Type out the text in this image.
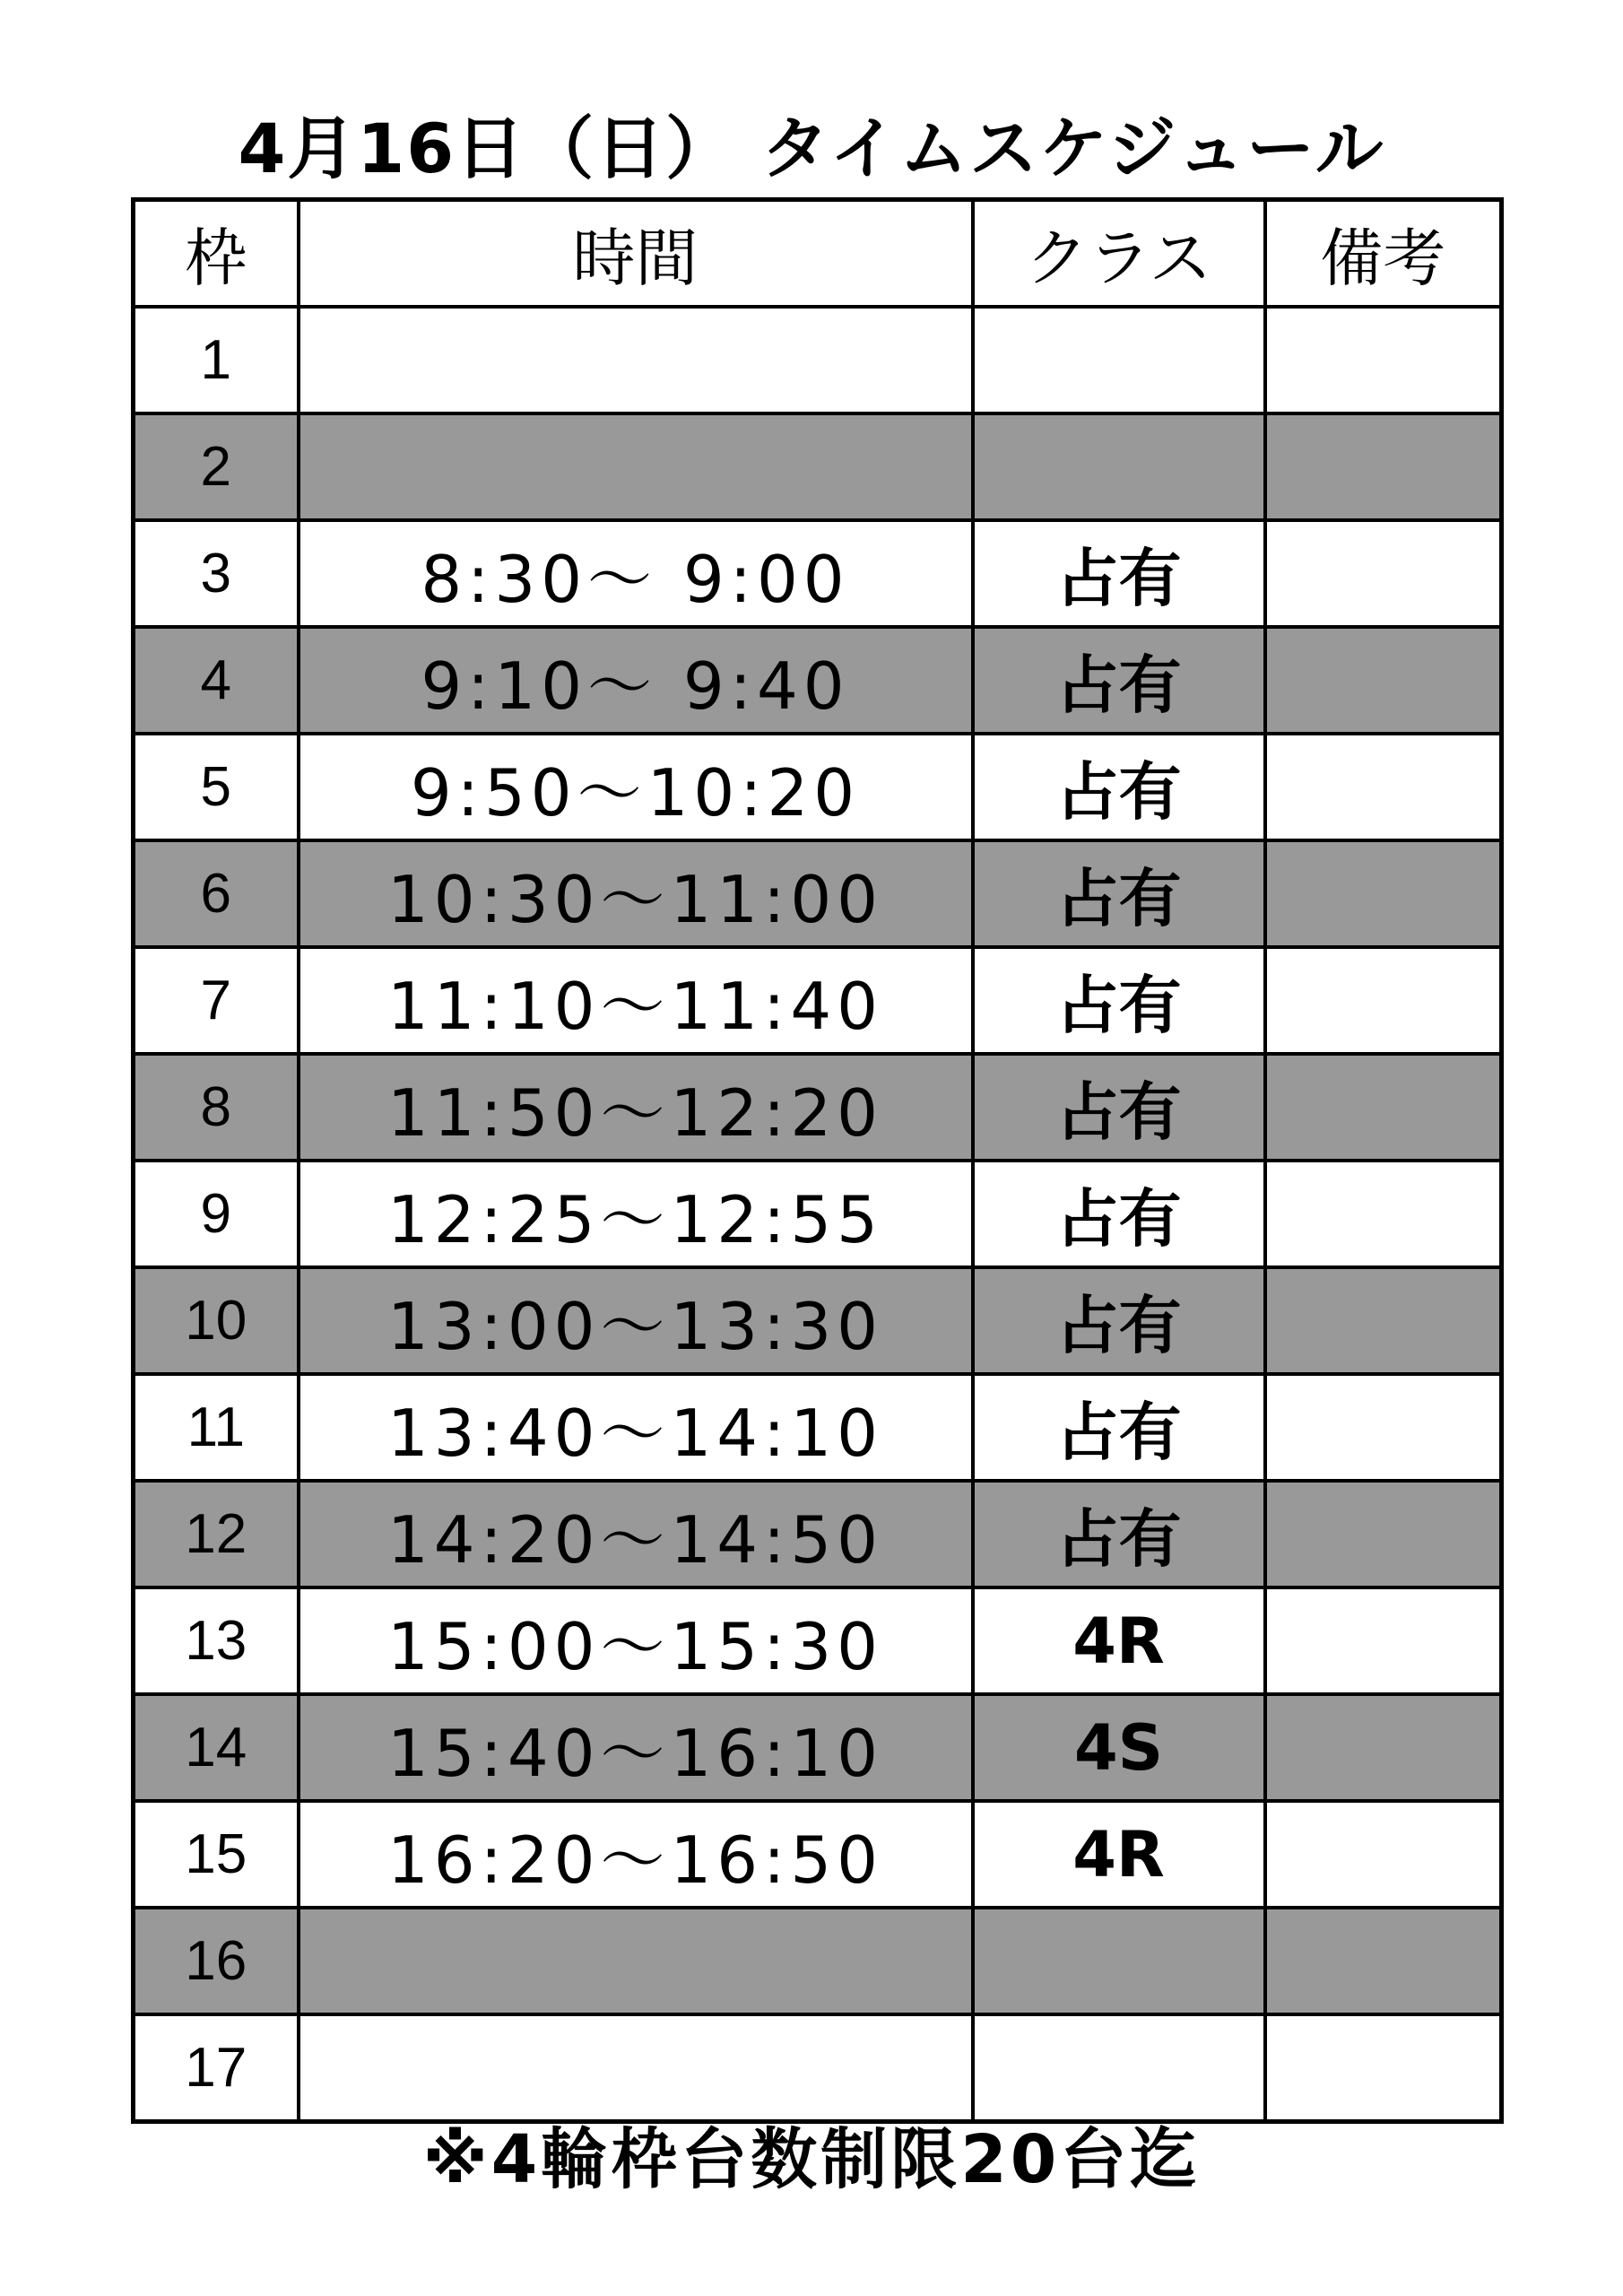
4月16日（日） タイムスケジュール
枠	時間	クラス	備考
1			
2			
3	8:30～ 9:00	占有	
4	9:10～ 9:40	占有	
5	9:50～10:20	占有	
6	10:30～11:00	占有	
7	11:10～11:40	占有	
8	11:50～12:20	占有	
9	12:25～12:55	占有	
10	13:00～13:30	占有	
11	13:40～14:10	占有	
12	14:20～14:50	占有	
13	15:00～15:30	4R	
14	15:40～16:10	4S	
15	16:20～16:50	4R	
16			
17			
※4輪枠台数制限20台迄
